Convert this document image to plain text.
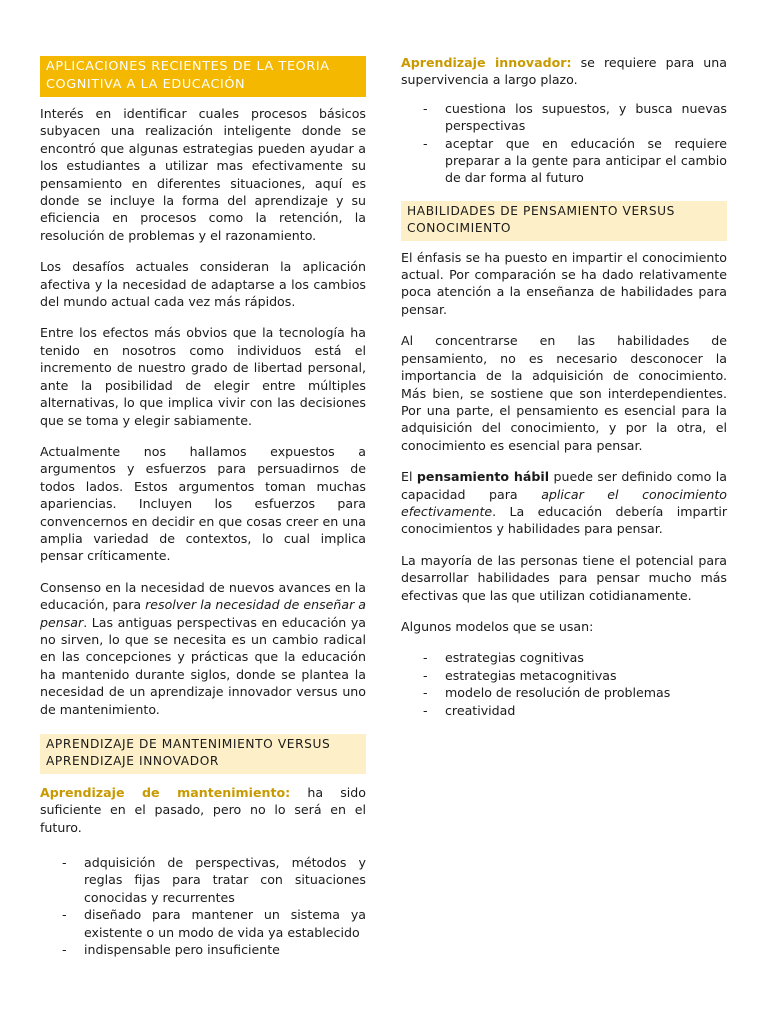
APLICACIONES RECIENTES DE LA TEORIA COGNITIVA A LA EDUCACIÓN

Interés en identificar cuales procesos básicos subyacen una realización inteligente donde se encontró que algunas estrategias pueden ayudar a los estudiantes a utilizar mas efectivamente su pensamiento en diferentes situaciones, aquí es donde se incluye la forma del aprendizaje y su eficiencia en procesos como la retención, la resolución de problemas y el razonamiento.

Los desafíos actuales consideran la aplicación afectiva y la necesidad de adaptarse a los cambios del mundo actual cada vez más rápidos.

Entre los efectos más obvios que la tecnología ha tenido en nosotros como individuos está el incremento de nuestro grado de libertad personal, ante la posibilidad de elegir entre múltiples alternativas, lo que implica vivir con las decisiones que se toma y elegir sabiamente.

Actualmente nos hallamos expuestos a argumentos y esfuerzos para persuadirnos de todos lados. Estos argumentos toman muchas apariencias. Incluyen los esfuerzos para convencernos en decidir en que cosas creer en una amplia variedad de contextos, lo cual implica pensar críticamente.

Consenso en la necesidad de nuevos avances en la educación, para resolver la necesidad de enseñar a pensar. Las antiguas perspectivas en educación ya no sirven, lo que se necesita es un cambio radical en las concepciones y prácticas que la educación ha mantenido durante siglos, donde se plantea la necesidad de un aprendizaje innovador versus uno de mantenimiento.

APRENDIZAJE DE MANTENIMIENTO VERSUS APRENDIZAJE INNOVADOR

Aprendizaje de mantenimiento: ha sido suficiente en el pasado, pero no lo será en el futuro.

- adquisición de perspectivas, métodos y reglas fijas para tratar con situaciones conocidas y recurrentes
- diseñado para mantener un sistema ya existente o un modo de vida ya establecido
- indispensable pero insuficiente

Aprendizaje innovador: se requiere para una supervivencia a largo plazo.

- cuestiona los supuestos, y busca nuevas perspectivas
- aceptar que en educación se requiere preparar a la gente para anticipar el cambio de dar forma al futuro
HABILIDADES DE PENSAMIENTO VERSUS CONOCIMIENTO

El énfasis se ha puesto en impartir el conocimiento actual. Por comparación se ha dado relativamente poca atención a la enseñanza de habilidades para pensar.

Al concentrarse en las habilidades de pensamiento, no es necesario desconocer la importancia de la adquisición de conocimiento. Más bien, se sostiene que son interdependientes. Por una parte, el pensamiento es esencial para la adquisición del conocimiento, y por la otra, el conocimiento es esencial para pensar.

El pensamiento hábil puede ser definido como la capacidad para aplicar el conocimiento efectivamente. La educación debería impartir conocimientos y habilidades para pensar.

La mayoría de las personas tiene el potencial para desarrollar habilidades para pensar mucho más efectivas que las que utilizan cotidianamente.

Algunos modelos que se usan:

- estrategias cognitivas
- estrategias metacognitivas
- modelo de resolución de problemas
- creatividad
